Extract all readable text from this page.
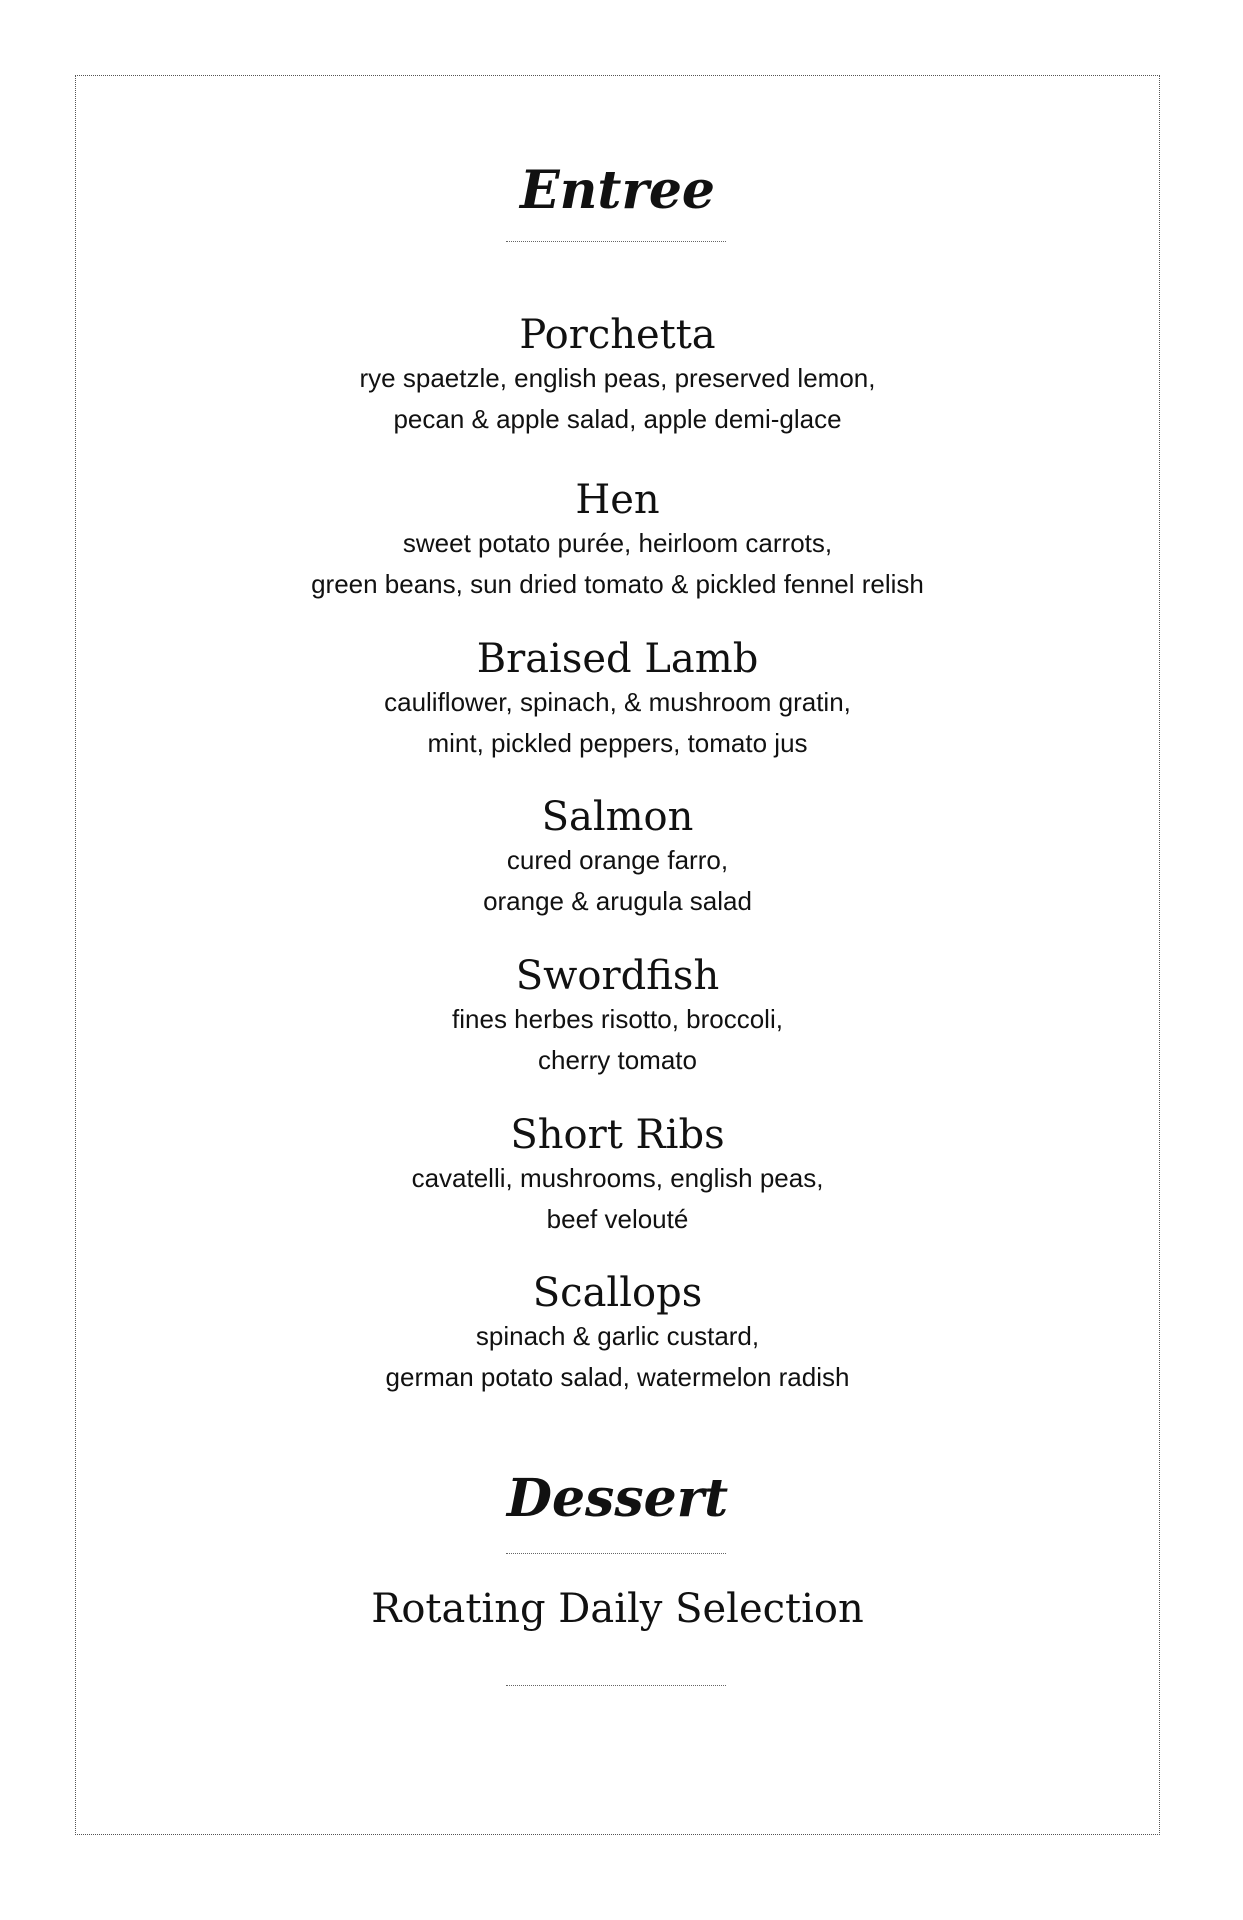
Entree
Porchetta
rye spaetzle, english peas, preserved lemon,
pecan & apple salad, apple demi-glace
Hen
sweet potato purée, heirloom carrots,
green beans, sun dried tomato & pickled fennel relish
Braised Lamb
cauliflower, spinach, & mushroom gratin,
mint, pickled peppers, tomato jus
Salmon
cured orange farro,
orange & arugula salad
Swordfish
fines herbes risotto, broccoli,
cherry tomato
Short Ribs
cavatelli, mushrooms, english peas,
beef velouté
Scallops
spinach & garlic custard,
german potato salad, watermelon radish
Dessert
Rotating Daily Selection
